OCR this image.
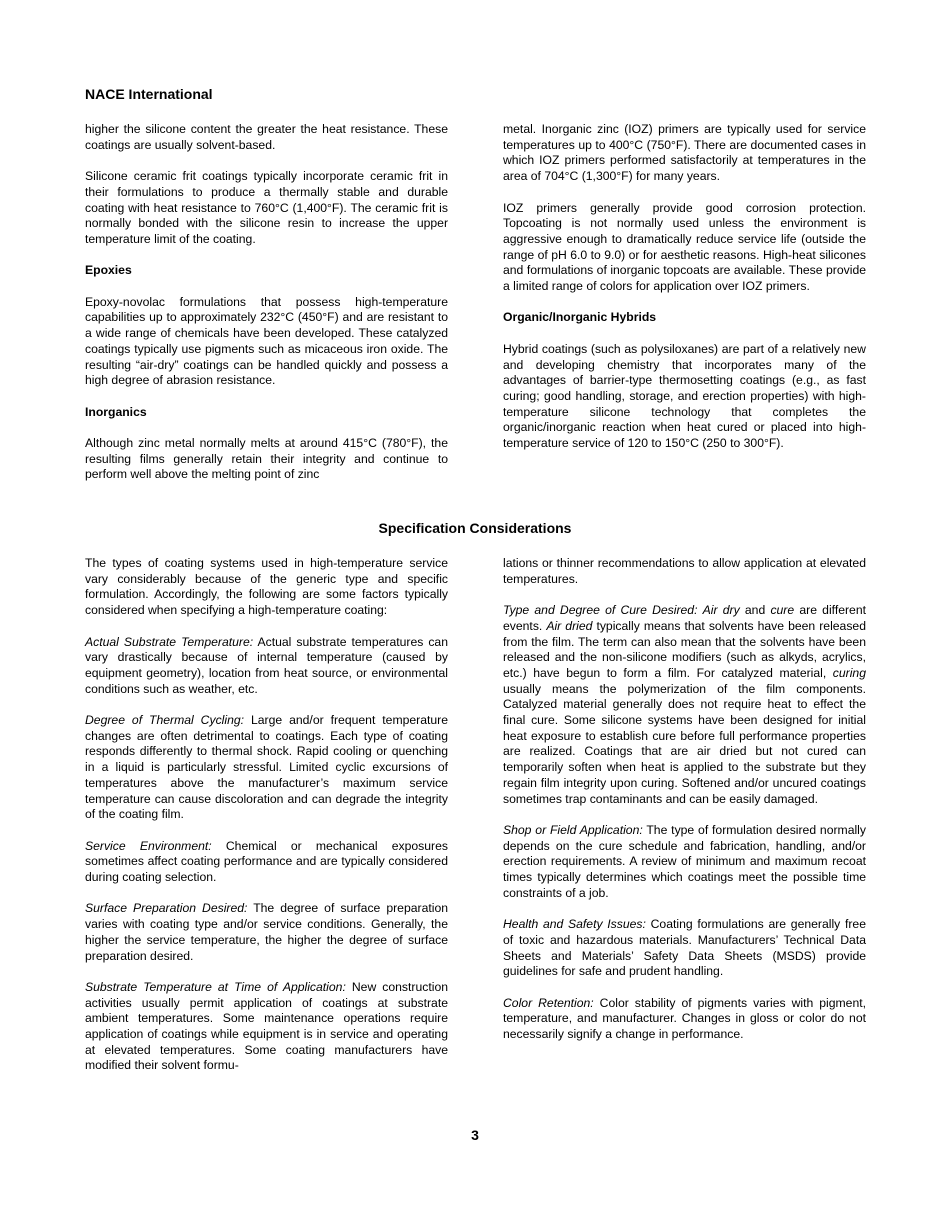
NACE International

higher the silicone content the greater the heat resistance. These coatings are usually solvent-based.

Silicone ceramic frit coatings typically incorporate ceramic frit in their formulations to produce a thermally stable and durable coating with heat resistance to 760°C (1,400°F). The ceramic frit is normally bonded with the silicone resin to increase the upper temperature limit of the coating.

Epoxies

Epoxy-novolac formulations that possess high-temperature capabilities up to approximately 232°C (450°F) and are resistant to a wide range of chemicals have been developed. These catalyzed coatings typically use pigments such as micaceous iron oxide. The resulting “air-dry” coatings can be handled quickly and possess a high degree of abrasion resistance.

Inorganics

Although zinc metal normally melts at around 415°C (780°F), the resulting films generally retain their integrity and continue to perform well above the melting point of zinc

metal. Inorganic zinc (IOZ) primers are typically used for service temperatures up to 400°C (750°F). There are documented cases in which IOZ primers performed satisfactorily at temperatures in the area of 704°C (1,300°F) for many years.

IOZ primers generally provide good corrosion protection. Topcoating is not normally used unless the environment is aggressive enough to dramatically reduce service life (outside the range of pH 6.0 to 9.0) or for aesthetic reasons. High-heat silicones and formulations of inorganic topcoats are available. These provide a limited range of colors for application over IOZ primers.

Organic/Inorganic Hybrids

Hybrid coatings (such as polysiloxanes) are part of a relatively new and developing chemistry that incorporates many of the advantages of barrier-type thermosetting coatings (e.g., as fast curing; good handling, storage, and erection properties) with high-temperature silicone technology that completes the organic/inorganic reaction when heat cured or placed into high-temperature service of 120 to 150°C (250 to 300°F).

Specification Considerations

The types of coating systems used in high-temperature service vary considerably because of the generic type and specific formulation. Accordingly, the following are some factors typically considered when specifying a high-temperature coating:

Actual Substrate Temperature: Actual substrate temperatures can vary drastically because of internal temperature (caused by equipment geometry), location from heat source, or environmental conditions such as weather, etc.

Degree of Thermal Cycling: Large and/or frequent temperature changes are often detrimental to coatings. Each type of coating responds differently to thermal shock. Rapid cooling or quenching in a liquid is particularly stressful. Limited cyclic excursions of temperatures above the manufacturer’s maximum service temperature can cause discoloration and can degrade the integrity of the coating film.

Service Environment: Chemical or mechanical exposures sometimes affect coating performance and are typically considered during coating selection.

Surface Preparation Desired: The degree of surface preparation varies with coating type and/or service conditions. Generally, the higher the service temperature, the higher the degree of surface preparation desired.

Substrate Temperature at Time of Application: New construction activities usually permit application of coatings at substrate ambient temperatures. Some maintenance operations require application of coatings while equipment is in service and operating at elevated temperatures. Some coating manufacturers have modified their solvent formu-

lations or thinner recommendations to allow application at elevated temperatures.

Type and Degree of Cure Desired: Air dry and cure are different events. Air dried typically means that solvents have been released from the film. The term can also mean that the solvents have been released and the non-silicone modifiers (such as alkyds, acrylics, etc.) have begun to form a film. For catalyzed material, curing usually means the polymerization of the film components. Catalyzed material generally does not require heat to effect the final cure. Some silicone systems have been designed for initial heat exposure to establish cure before full performance properties are realized. Coatings that are air dried but not cured can temporarily soften when heat is applied to the substrate but they regain film integrity upon curing. Softened and/or uncured coatings sometimes trap contaminants and can be easily damaged.

Shop or Field Application: The type of formulation desired normally depends on the cure schedule and fabrication, handling, and/or erection requirements. A review of minimum and maximum recoat times typically determines which coatings meet the possible time constraints of a job.

Health and Safety Issues: Coating formulations are generally free of toxic and hazardous materials. Manufacturers’ Technical Data Sheets and Materials’ Safety Data Sheets (MSDS) provide guidelines for safe and prudent handling.

Color Retention: Color stability of pigments varies with pigment, temperature, and manufacturer. Changes in gloss or color do not necessarily signify a change in performance.

3
